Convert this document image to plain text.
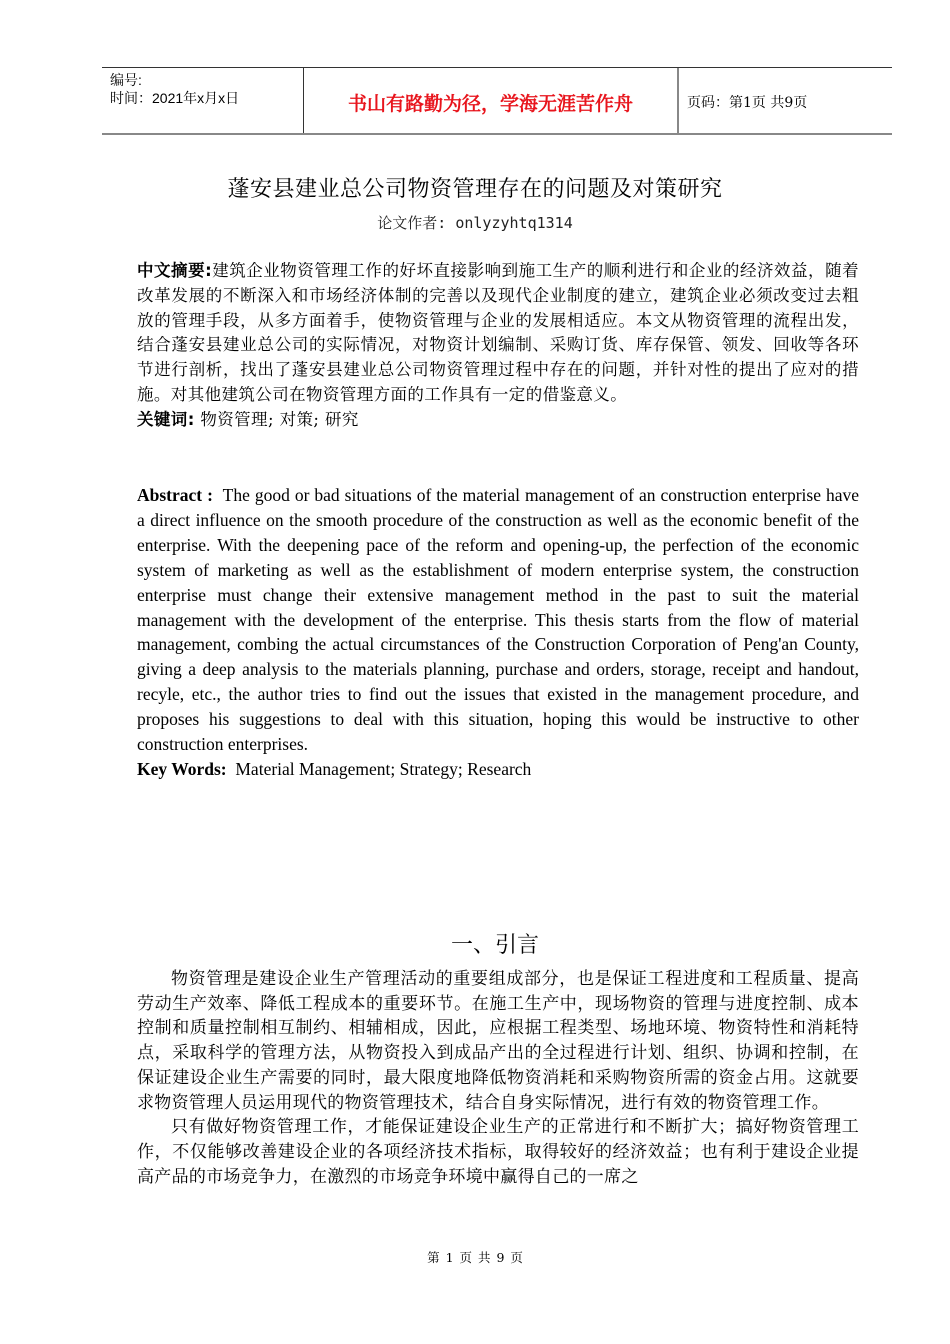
编号:
时间：2021年x月x日	书山有路勤为径，学海无涯苦作舟	页码：第1页 共9页
蓬安县建业总公司物资管理存在的问题及对策研究
论文作者: onlyzyhtq1314
中文摘要:建筑企业物资管理工作的好坏直接影响到施工生产的顺利进行和企业的经济效益，随着改革发展的不断深入和市场经济体制的完善以及现代企业制度的建立，建筑企业必须改变过去粗放的管理手段，从多方面着手，使物资管理与企业的发展相适应。本文从物资管理的流程出发，结合蓬安县建业总公司的实际情况，对物资计划编制、采购订货、库存保管、领发、回收等各环节进行剖析，找出了蓬安县建业总公司物资管理过程中存在的问题，并针对性的提出了应对的措施。对其他建筑公司在物资管理方面的工作具有一定的借鉴意义。
关键词: 物资管理; 对策; 研究
Abstract : The good or bad situations of the material management of an construction enterprise have a direct influence on the smooth procedure of the construction as well as the economic benefit of the enterprise. With the deepening pace of the reform and opening-up, the perfection of the economic system of marketing as well as the establishment of modern enterprise system, the construction enterprise must change their extensive management method in the past to suit the material management with the development of the enterprise. This thesis starts from the flow of material management, combing the actual circumstances of the Construction Corporation of Peng'an County, giving a deep analysis to the materials planning, purchase and orders, storage, receipt and handout, recyle, etc., the author tries to find out the issues that existed in the management procedure, and proposes his suggestions to deal with this situation, hoping this would be instructive to other construction enterprises.
Key Words: Material Management; Strategy; Research
一、引言

物资管理是建设企业生产管理活动的重要组成部分，也是保证工程进度和工程质量、提高劳动生产效率、降低工程成本的重要环节。在施工生产中，现场物资的管理与进度控制、成本控制和质量控制相互制约、相辅相成，因此，应根据工程类型、场地环境、物资特性和消耗特点，采取科学的管理方法，从物资投入到成品产出的全过程进行计划、组织、协调和控制，在保证建设企业生产需要的同时，最大限度地降低物资消耗和采购物资所需的资金占用。这就要求物资管理人员运用现代的物资管理技术，结合自身实际情况，进行有效的物资管理工作。

只有做好物资管理工作，才能保证建设企业生产的正常进行和不断扩大；搞好物资管理工作，不仅能够改善建设企业的各项经济技术指标，取得较好的经济效益；也有利于建设企业提高产品的市场竞争力，在激烈的市场竞争环境中赢得自己的一席之

第 1 页 共 9 页
